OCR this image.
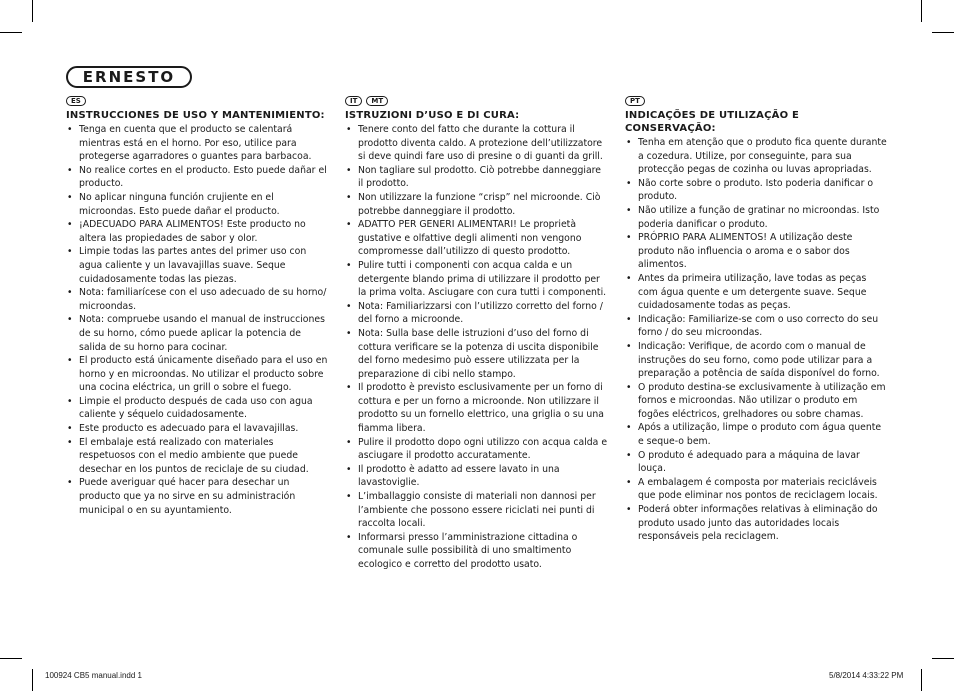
ERNESTO
ES
INSTRUCCIONES DE USO Y MANTENIMIENTO:
• Tenga en cuenta que el producto se calentará mientras está en el horno. Por eso, utilice para protegerse agarradores o guantes para barbacoa.
• No realice cortes en el producto. Esto puede dañar el producto.
• No aplicar ninguna función crujiente en el microondas. Esto puede dañar el producto.
• ¡ADECUADO PARA ALIMENTOS! Este producto no altera las propiedades de sabor y olor.
• Limpie todas las partes antes del primer uso con agua caliente y un lavavajillas suave. Seque cuidadosamente todas las piezas.
• Nota: familiarícese con el uso adecuado de su horno/ microondas.
• Nota: compruebe usando el manual de instrucciones de su horno, cómo puede aplicar la potencia de salida de su horno para cocinar.
• El producto está únicamente diseñado para el uso en horno y en microondas. No utilizar el producto sobre una cocina eléctrica, un grill o sobre el fuego.
• Limpie el producto después de cada uso con agua caliente y séquelo cuidadosamente.
• Este producto es adecuado para el lavavajillas.
• El embalaje está realizado con materiales respetuosos con el medio ambiente que puede desechar en los puntos de reciclaje de su ciudad.
• Puede averiguar qué hacer para desechar un producto que ya no sirve en su administración municipal o en su ayuntamiento.
IT	MT
ISTRUZIONI D’USO E DI CURA:
• Tenere conto del fatto che durante la cottura il prodotto diventa caldo. A protezione dell’utilizzatore si deve quindi fare uso di presine o di guanti da grill.
• Non tagliare sul prodotto. Ciò potrebbe danneggiare il prodotto.
• Non utilizzare la funzione “crisp” nel microonde. Ciò potrebbe danneggiare il prodotto.
• ADATTO PER GENERI ALIMENTARI! Le proprietà gustative e olfattive degli alimenti non vengono compromesse dall’utilizzo di questo prodotto.
• Pulire tutti i componenti con acqua calda e un detergente blando prima di utilizzare il prodotto per la prima volta. Asciugare con cura tutti i componenti.
• Nota: Familiarizzarsi con l’utilizzo corretto del forno / del forno a microonde.
• Nota: Sulla base delle istruzioni d’uso del forno di cottura verificare se la potenza di uscita disponibile del forno medesimo può essere utilizzata per la preparazione di cibi nello stampo.
• Il prodotto è previsto esclusivamente per un forno di cottura e per un forno a microonde. Non utilizzare il prodotto su un fornello elettrico, una griglia o su una fiamma libera.
• Pulire il prodotto dopo ogni utilizzo con acqua calda e asciugare il prodotto accuratamente.
• Il prodotto è adatto ad essere lavato in una lavastoviglie.
• L’imballaggio consiste di materiali non dannosi per l’ambiente che possono essere riciclati nei punti di raccolta locali.
• Informarsi presso l’amministrazione cittadina o comunale sulle possibilità di uno smaltimento ecologico e corretto del prodotto usato.
PT
INDICAÇÕES DE UTILIZAÇÃO E CONSERVAÇÃO:
• Tenha em atenção que o produto fica quente durante a cozedura. Utilize, por conseguinte, para sua protecção pegas de cozinha ou luvas apropriadas.
• Não corte sobre o produto. Isto poderia danificar o produto.
• Não utilize a função de gratinar no microondas. Isto poderia danificar o produto.
• PRÓPRIO PARA ALIMENTOS! A utilização deste produto não influencia o aroma e o sabor dos alimentos.
• Antes da primeira utilização, lave todas as peças com água quente e um detergente suave. Seque cuidadosamente todas as peças.
• Indicação: Familiarize-se com o uso correcto do seu forno / do seu microondas.
• Indicação: Verifique, de acordo com o manual de instruções do seu forno, como pode utilizar para a preparação a potência de saída disponível do forno.
• O produto destina-se exclusivamente à utilização em fornos e microondas. Não utilizar o produto em fogões eléctricos, grelhadores ou sobre chamas.
• Após a utilização, limpe o produto com água quente e seque-o bem.
• O produto é adequado para a máquina de lavar louça.
• A embalagem é composta por materiais recicláveis que pode eliminar nos pontos de reciclagem locais.
• Poderá obter informações relativas à eliminação do produto usado junto das autoridades locais responsáveis pela reciclagem.
100924 CB5 manual.indd 1	5/8/2014 4:33:22 PM
